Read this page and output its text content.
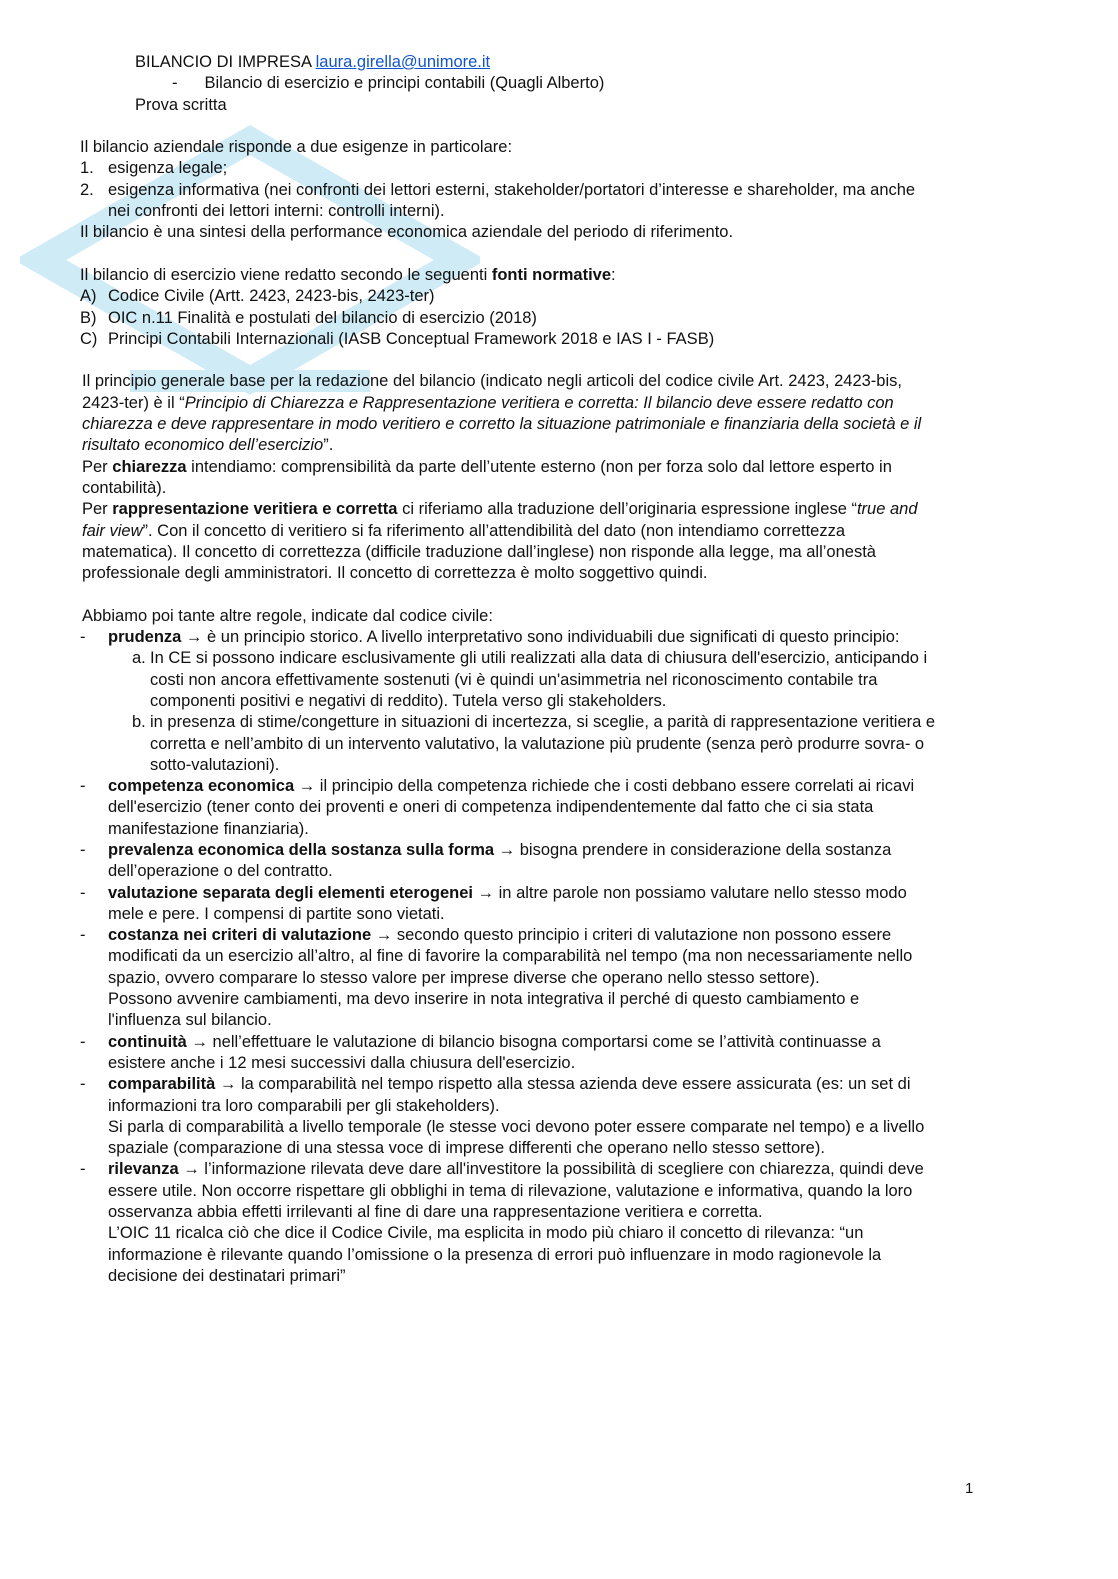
BILANCIO DI IMPRESA laura.girella@unimore.it
- Bilancio di esercizio e principi contabili (Quagli Alberto)
Prova scritta
Il bilancio aziendale risponde a due esigenze in particolare:
1. esigenza legale;
2. esigenza informativa (nei confronti dei lettori esterni, stakeholder/portatori d’interesse e shareholder, ma anche
nei confronti dei lettori interni: controlli interni).
Il bilancio è una sintesi della performance economica aziendale del periodo di riferimento.
Il bilancio di esercizio viene redatto secondo le seguenti fonti normative:
A) Codice Civile (Artt. 2423, 2423-bis, 2423-ter)
B) OIC n.11 Finalità e postulati del bilancio di esercizio (2018)
C) Principi Contabili Internazionali (IASB Conceptual Framework 2018 e IAS I - FASB)
Il principio generale base per la redazione del bilancio (indicato negli articoli del codice civile Art. 2423, 2423-bis,
2423-ter) è il “Principio di Chiarezza e Rappresentazione veritiera e corretta: Il bilancio deve essere redatto con
chiarezza e deve rappresentare in modo veritiero e corretto la situazione patrimoniale e finanziaria della società e il
risultato economico dell’esercizio”.
Per chiarezza intendiamo: comprensibilità da parte dell’utente esterno (non per forza solo dal lettore esperto in
contabilità).
Per rappresentazione veritiera e corretta ci riferiamo alla traduzione dell’originaria espressione inglese “true and
fair view”. Con il concetto di veritiero si fa riferimento all’attendibilità del dato (non intendiamo correttezza
matematica). Il concetto di correttezza (difficile traduzione dall’inglese) non risponde alla legge, ma all’onestà
professionale degli amministratori. Il concetto di correttezza è molto soggettivo quindi.
Abbiamo poi tante altre regole, indicate dal codice civile:
- prudenza → è un principio storico. A livello interpretativo sono individuabili due significati di questo principio:
a. In CE si possono indicare esclusivamente gli utili realizzati alla data di chiusura dell'esercizio, anticipando i
costi non ancora effettivamente sostenuti (vi è quindi un'asimmetria nel riconoscimento contabile tra
componenti positivi e negativi di reddito). Tutela verso gli stakeholders.
b. in presenza di stime/congetture in situazioni di incertezza, si sceglie, a parità di rappresentazione veritiera e
corretta e nell’ambito di un intervento valutativo, la valutazione più prudente (senza però produrre sovra- o
sotto-valutazioni).
- competenza economica → il principio della competenza richiede che i costi debbano essere correlati ai ricavi
dell'esercizio (tener conto dei proventi e oneri di competenza indipendentemente dal fatto che ci sia stata
manifestazione finanziaria).
- prevalenza economica della sostanza sulla forma → bisogna prendere in considerazione della sostanza
dell’operazione o del contratto.
- valutazione separata degli elementi eterogenei → in altre parole non possiamo valutare nello stesso modo
mele e pere. I compensi di partite sono vietati.
- costanza nei criteri di valutazione → secondo questo principio i criteri di valutazione non possono essere
modificati da un esercizio all’altro, al fine di favorire la comparabilità nel tempo (ma non necessariamente nello
spazio, ovvero comparare lo stesso valore per imprese diverse che operano nello stesso settore).
Possono avvenire cambiamenti, ma devo inserire in nota integrativa il perché di questo cambiamento e
l'influenza sul bilancio.
- continuità → nell’effettuare le valutazione di bilancio bisogna comportarsi come se l’attività continuasse a
esistere anche i 12 mesi successivi dalla chiusura dell'esercizio.
- comparabilità → la comparabilità nel tempo rispetto alla stessa azienda deve essere assicurata (es: un set di
informazioni tra loro comparabili per gli stakeholders).
Si parla di comparabilità a livello temporale (le stesse voci devono poter essere comparate nel tempo) e a livello
spaziale (comparazione di una stessa voce di imprese differenti che operano nello stesso settore).
- rilevanza → l’informazione rilevata deve dare all'investitore la possibilità di scegliere con chiarezza, quindi deve
essere utile. Non occorre rispettare gli obblighi in tema di rilevazione, valutazione e informativa, quando la loro
osservanza abbia effetti irrilevanti al fine di dare una rappresentazione veritiera e corretta.
L’OIC 11 ricalca ciò che dice il Codice Civile, ma esplicita in modo più chiaro il concetto di rilevanza: “un
informazione è rilevante quando l’omissione o la presenza di errori può influenzare in modo ragionevole la
decisione dei destinatari primari”
1
